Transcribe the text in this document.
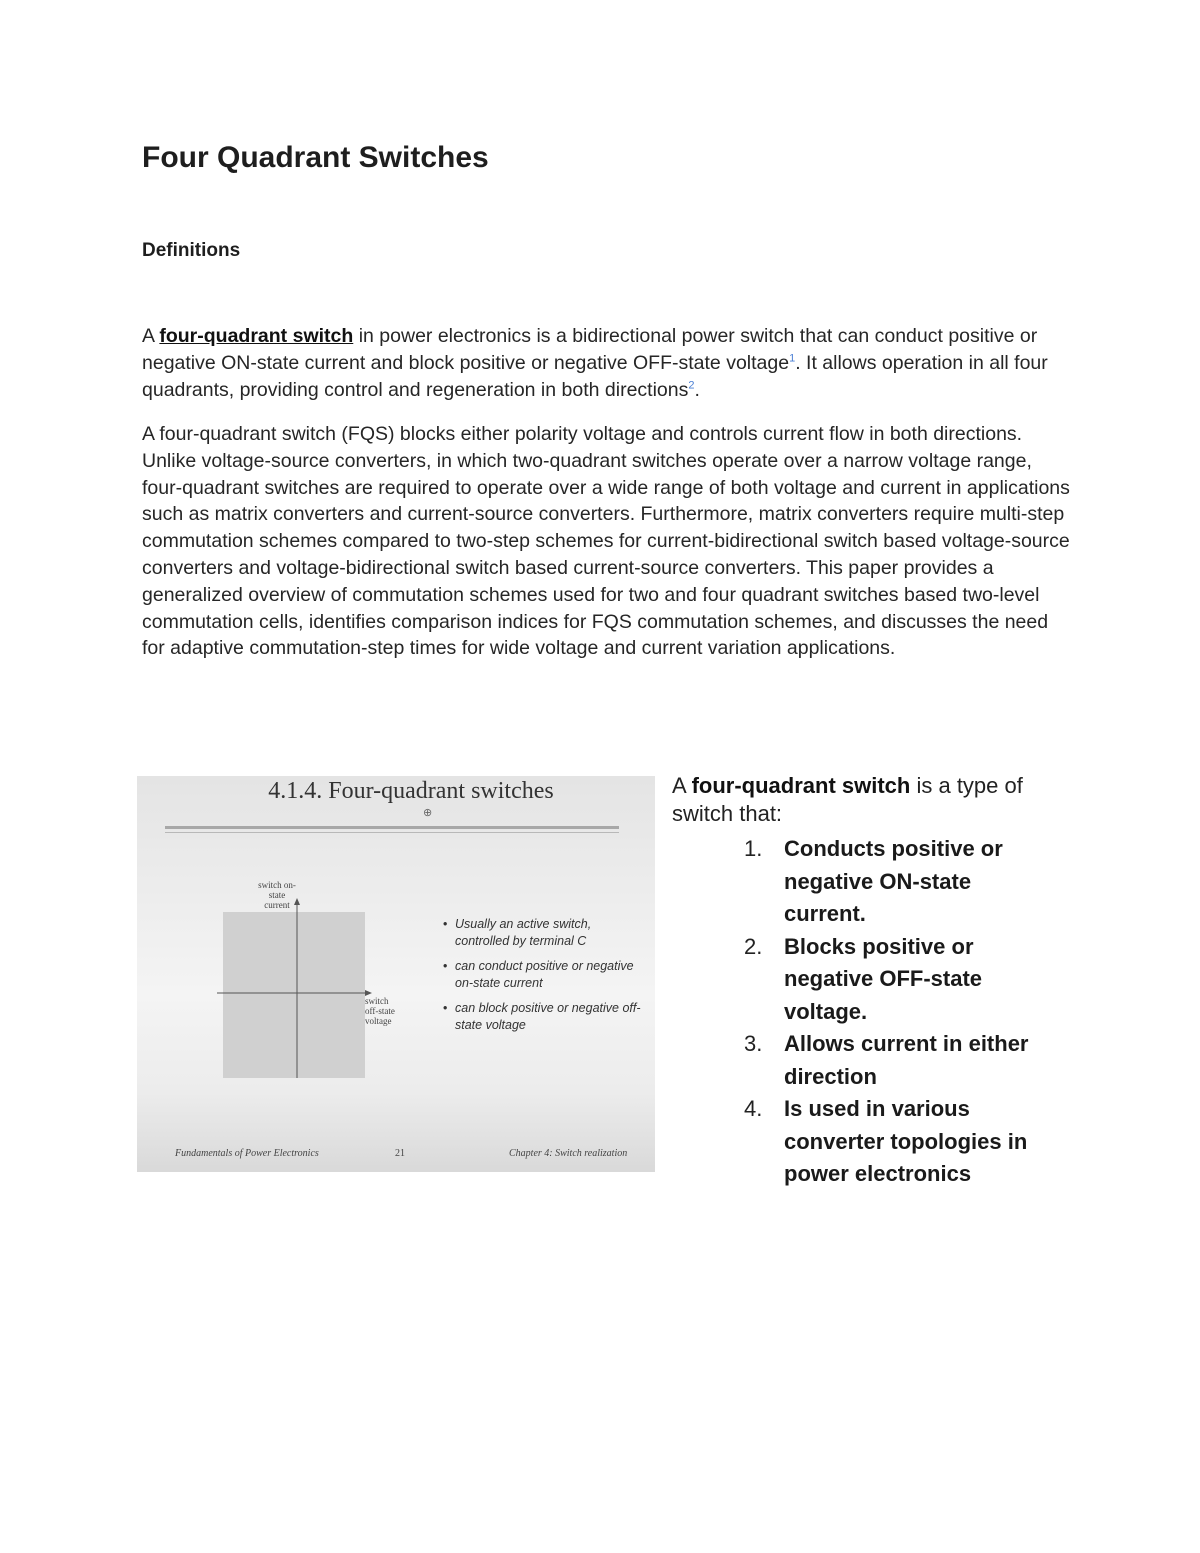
Four Quadrant Switches
Definitions

A four-quadrant switch in power electronics is a bidirectional power switch that can conduct positive or negative ON-state current and block positive or negative OFF-state voltage$^1$. It allows operation in all four quadrants, providing control and regeneration in both directions$^2$.

A four-quadrant switch (FQS) blocks either polarity voltage and controls current flow in both directions. Unlike voltage-source converters, in which two-quadrant switches operate over a narrow voltage range, four-quadrant switches are required to operate over a wide range of both voltage and current in applications such as matrix converters and current-source converters. Furthermore, matrix converters require multi-step commutation schemes compared to two-step schemes for current-bidirectional switch based voltage-source converters and voltage-bidirectional switch based current-source converters. This paper provides a generalized overview of commutation schemes used for two and four quadrant switches based two-level commutation cells, identifies comparison indices for FQS commutation schemes, and discusses the need for adaptive commutation-step times for wide voltage and current variation applications.

4.1.4. Four-quadrant switches
⊕
switch on-state current
switch off-state voltage
• Usually an active switch, controlled by terminal C
• can conduct positive or negative on-state current
• can block positive or negative off-state voltage
Fundamentals of Power Electronics	21	Chapter 4: Switch realization

A four-quadrant switch is a type of switch that:

1. Conducts positive or negative ON-state current.
2. Blocks positive or negative OFF-state voltage.
3. Allows current in either direction
4. Is used in various converter topologies in power electronics
